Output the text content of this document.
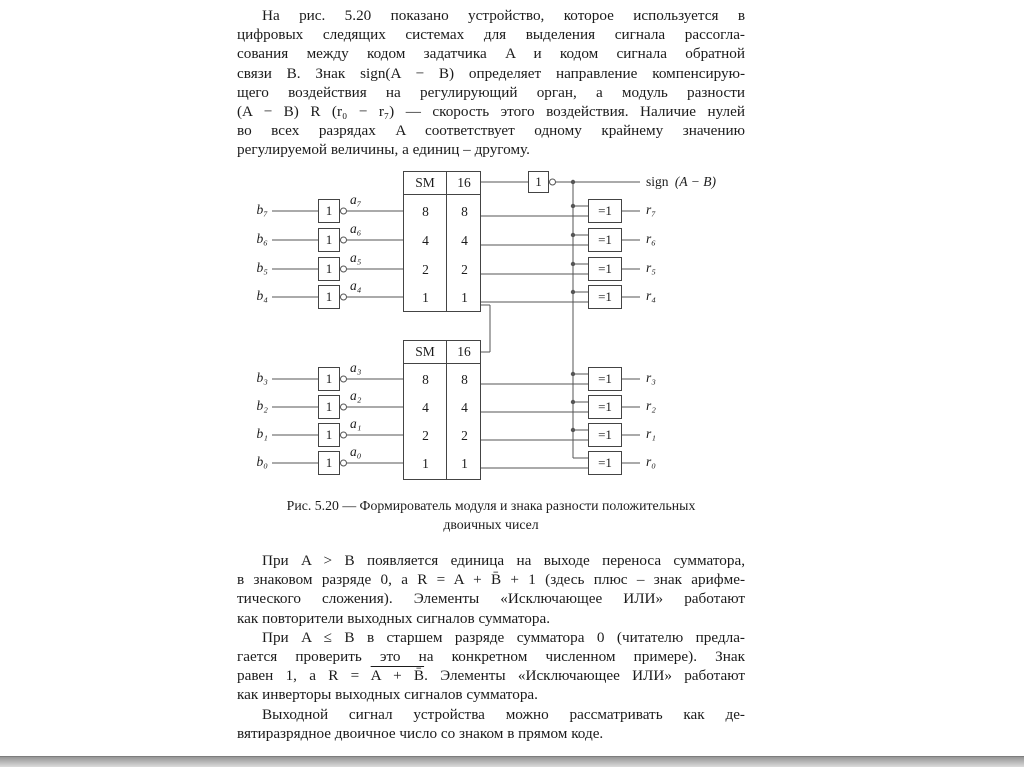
На рис. 5.20 показано устройство, которое используется в
цифровых следящих системах для выделения сигнала рассогла-
сования между кодом задатчика A и кодом сигнала обратной
связи B. Знак sign(A − B) определяет направление компенсирую-
щего воздействия на регулирующий орган, а модуль разности
(A − B) R (r₀ − r₇) — скорость этого воздействия. Наличие нулей
во всех разрядах A соответствует одному крайнему значению
регулируемой величины, а единиц – другому.
SM	16
8
4
2
1
8
4
2
1
SM	16
8
4
2
1
8
4
2
1
1
1
1
1
1
1
1
1
1
=1
=1
=1
=1
=1
=1
=1
=1
b₇
b₆
b₅
b₄
b₃
b₂
b₁
b₀
a₇
a₆
a₅
a₄
a₃
a₂
a₁
a₀
r₇
r₆
r₅
r₄
r₃
r₂
r₁
r₀
sign (A − B)
Рис. 5.20 — Формирователь модуля и знака разности положительных
двоичных чисел
При A > B появляется единица на выходе переноса сумматора,
в знаковом разряде 0, а R = A + B̄ + 1 (здесь плюс – знак арифме-
тического сложения). Элементы «Исключающее ИЛИ» работают
как повторители выходных сигналов сумматора.
При A ≤ B в старшем разряде сумматора 0 (читателю предла-
гается проверить это на конкретном численном примере). Знак
равен 1, а R = A + B̄. Элементы «Исключающее ИЛИ» работают
как инверторы выходных сигналов сумматора.
Выходной сигнал устройства можно рассматривать как де-
вятиразрядное двоичное число со знаком в прямом коде.
